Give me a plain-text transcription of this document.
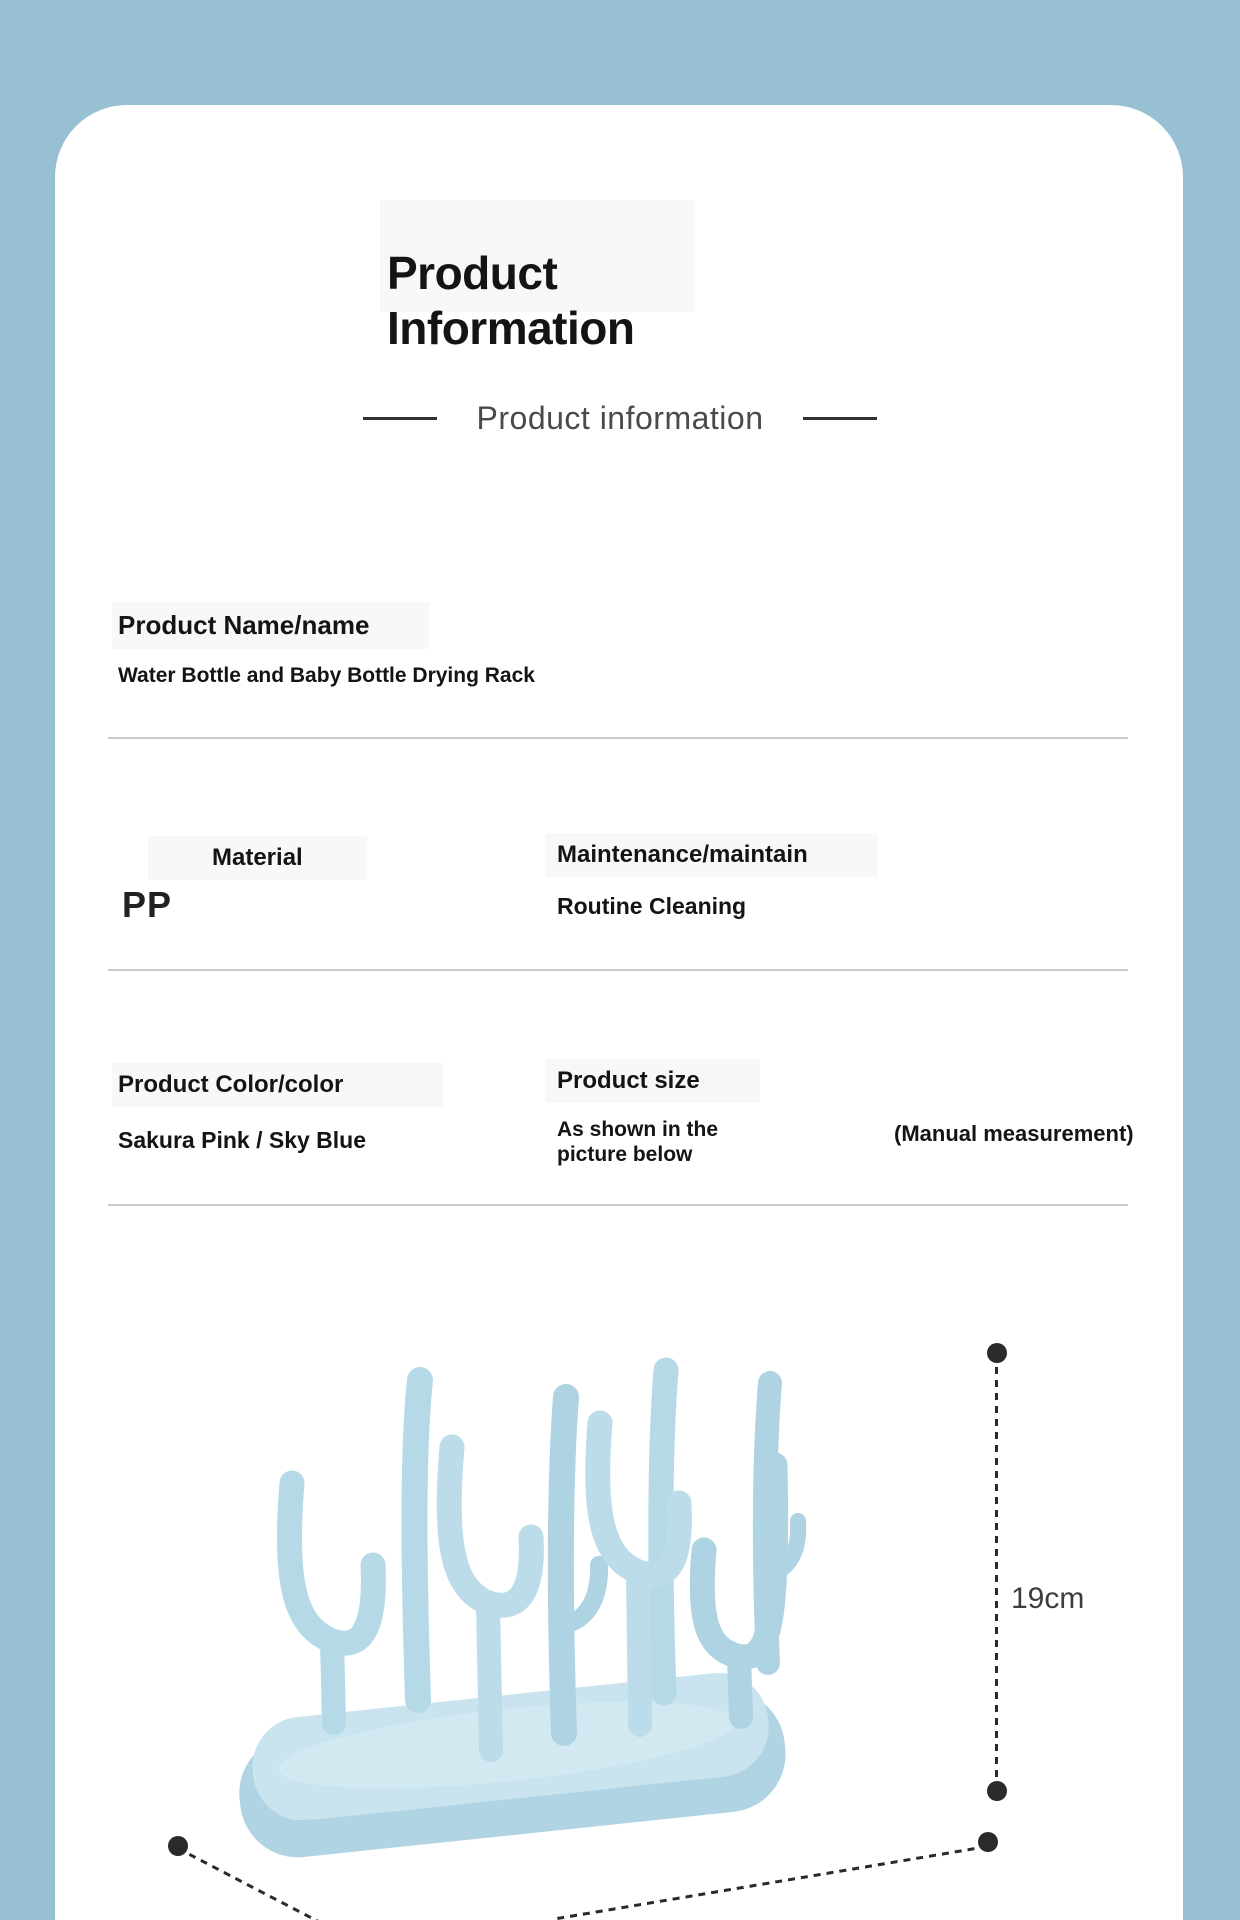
Product
Information
Product information
Product Name/name
Water Bottle and Baby Bottle Drying Rack
Material
PP
Maintenance/maintain
Routine Cleaning
Product Color/color
Sakura Pink / Sky Blue
Product size
As shown in the
picture below
(Manual measurement)
19cm
